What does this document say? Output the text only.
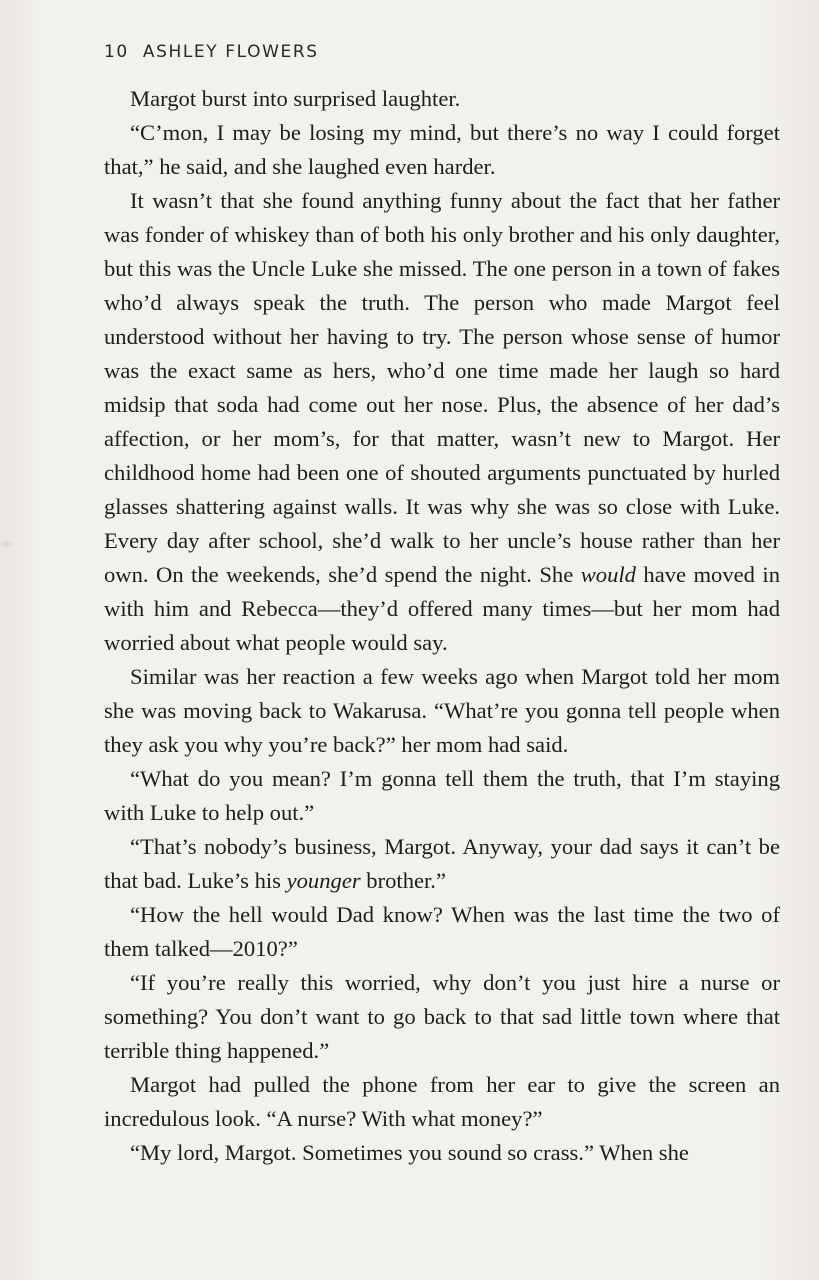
10 ASHLEY FLOWERS

Margot burst into surprised laughter.

“C’mon, I may be losing my mind, but there’s no way I could forget that,” he said, and she laughed even harder.

It wasn’t that she found anything funny about the fact that her father was fonder of whiskey than of both his only brother and his only daughter, but this was the Uncle Luke she missed. The one person in a town of fakes who’d always speak the truth. The person who made Margot feel understood without her having to try. The person whose sense of humor was the exact same as hers, who’d one time made her laugh so hard midsip that soda had come out her nose. Plus, the absence of her dad’s affection, or her mom’s, for that matter, wasn’t new to Margot. Her childhood home had been one of shouted arguments punctuated by hurled glasses shattering against walls. It was why she was so close with Luke. Every day after school, she’d walk to her uncle’s house rather than her own. On the weekends, she’d spend the night. She would have moved in with him and Rebecca—they’d offered many times—but her mom had worried about what people would say.

Similar was her reaction a few weeks ago when Margot told her mom she was moving back to Wakarusa. “What’re you gonna tell people when they ask you why you’re back?” her mom had said.

“What do you mean? I’m gonna tell them the truth, that I’m staying with Luke to help out.”

“That’s nobody’s business, Margot. Anyway, your dad says it can’t be that bad. Luke’s his younger brother.”

“How the hell would Dad know? When was the last time the two of them talked—2010?”

“If you’re really this worried, why don’t you just hire a nurse or something? You don’t want to go back to that sad little town where that terrible thing happened.”

Margot had pulled the phone from her ear to give the screen an incredulous look. “A nurse? With what money?”

“My lord, Margot. Sometimes you sound so crass.” When she
